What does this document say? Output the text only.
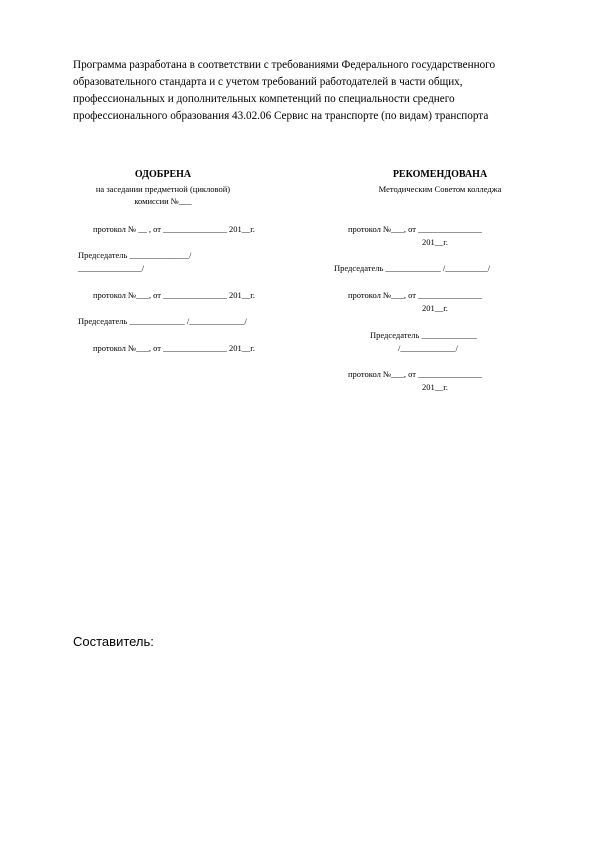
Программа разработана в соответствии с требованиями Федерального государственного
образовательного стандарта и с учетом требований работодателей в части общих,
профессиональных и дополнительных компетенций по специальности среднего
профессионального образования 43.02.06 Сервис на транспорте (по видам) транспорта
ОДОБРЕНА
на заседании предметной (цикловой)
комиссии №___
протокол № __ , от _______________ 201__г.
Председатель ______________/
_______________/
протокол №___, от _______________ 201__г.
Председатель _____________ /_____________/
протокол №___, от _______________ 201__г.
РЕКОМЕНДОВАНА
Методическим Советом колледжа
протокол №___, от _______________
201__г.
Председатель _____________ /__________/
протокол №___, от _______________
201__г.
Председатель _____________
/_____________/
протокол №___, от _______________
201__г.
Составитель:
